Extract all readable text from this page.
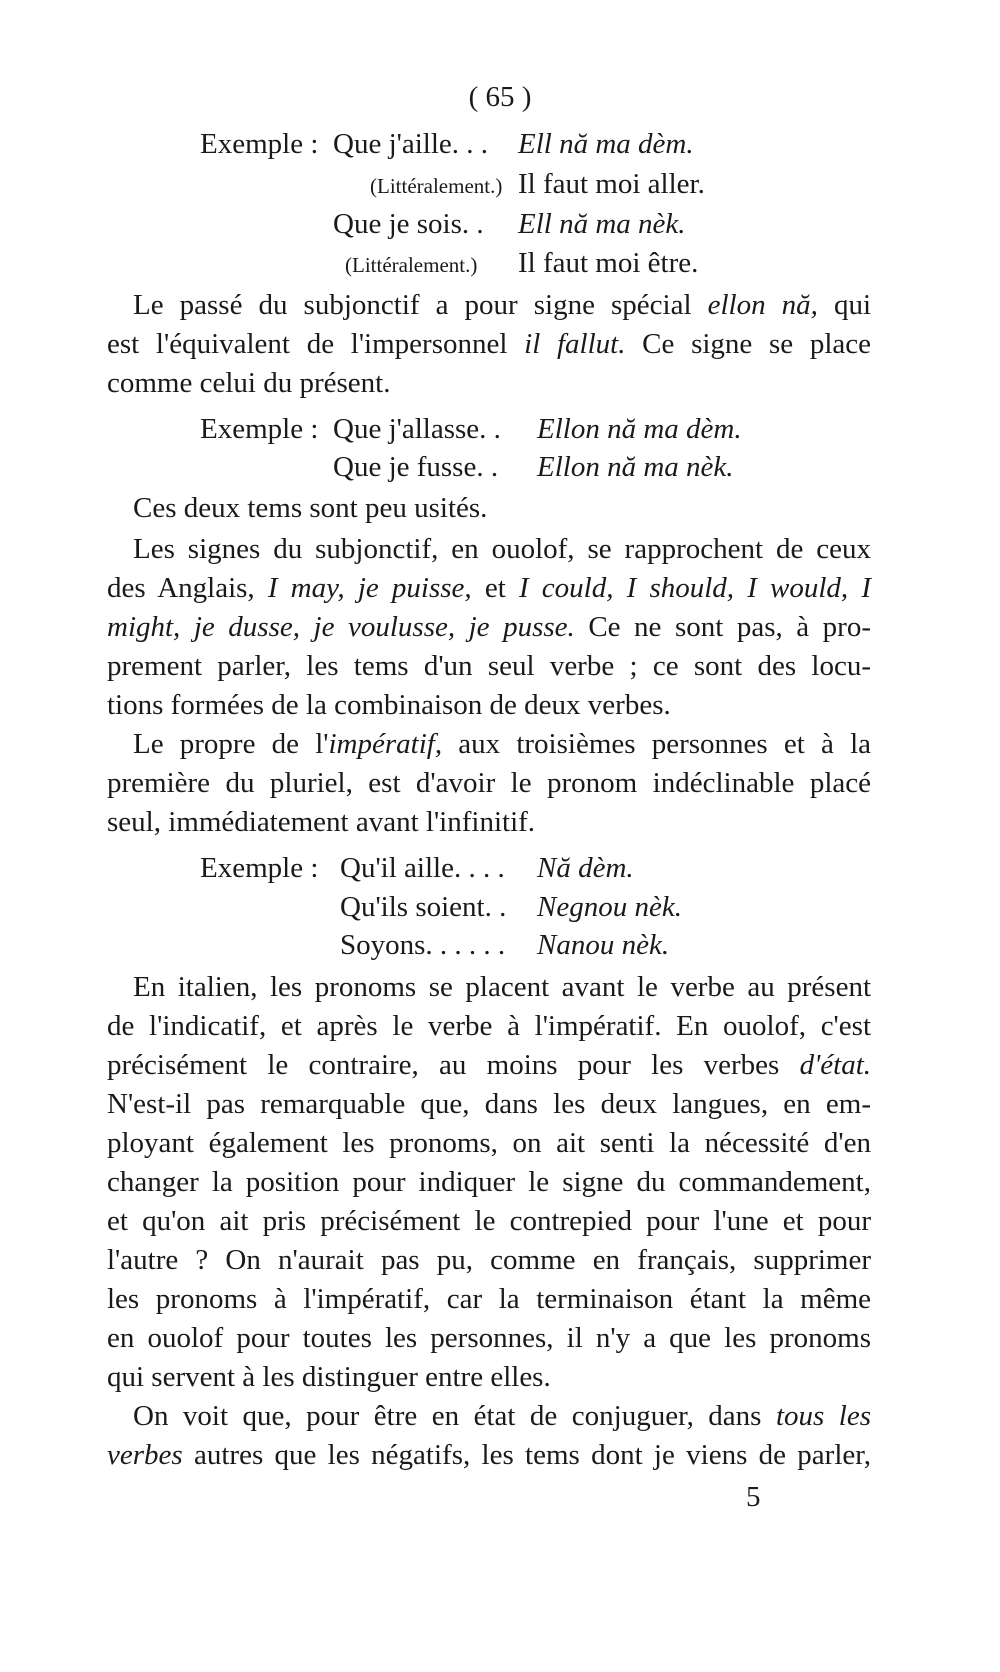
( 65 )
Exemple : Que j'aille. . . Ell nă ma dèm.
(Littéralement.) Il faut moi aller.
Que je sois. . Ell nă ma nèk.
(Littéralement.) Il faut moi être.
Le passé du subjonctif a pour signe spécial ellon nă, qui
est l'équivalent de l'impersonnel il fallut. Ce signe se place
comme celui du présent.
Exemple : Que j'allasse. . Ellon nă ma dèm.
Que je fusse. . Ellon nă ma nèk.
Ces deux tems sont peu usités.
Les signes du subjonctif, en ouolof, se rapprochent de ceux
des Anglais, I may, je puisse, et I could, I should, I would, I
might, je dusse, je voulusse, je pusse. Ce ne sont pas, à pro-
prement parler, les tems d'un seul verbe ; ce sont des locu-
tions formées de la combinaison de deux verbes.
Le propre de l'impératif, aux troisièmes personnes et à la
première du pluriel, est d'avoir le pronom indéclinable placé
seul, immédiatement avant l'infinitif.
Exemple : Qu'il aille. . . . Nă dèm.
Qu'ils soient. . Negnou nèk.
Soyons. . . . . . Nanou nèk.
En italien, les pronoms se placent avant le verbe au présent
de l'indicatif, et après le verbe à l'impératif. En ouolof, c'est
précisément le contraire, au moins pour les verbes d'état.
N'est-il pas remarquable que, dans les deux langues, en em-
ployant également les pronoms, on ait senti la nécessité d'en
changer la position pour indiquer le signe du commandement,
et qu'on ait pris précisément le contrepied pour l'une et pour
l'autre ? On n'aurait pas pu, comme en français, supprimer
les pronoms à l'impératif, car la terminaison étant la même
en ouolof pour toutes les personnes, il n'y a que les pronoms
qui servent à les distinguer entre elles.
On voit que, pour être en état de conjuguer, dans tous les
verbes autres que les négatifs, les tems dont je viens de parler,
5
